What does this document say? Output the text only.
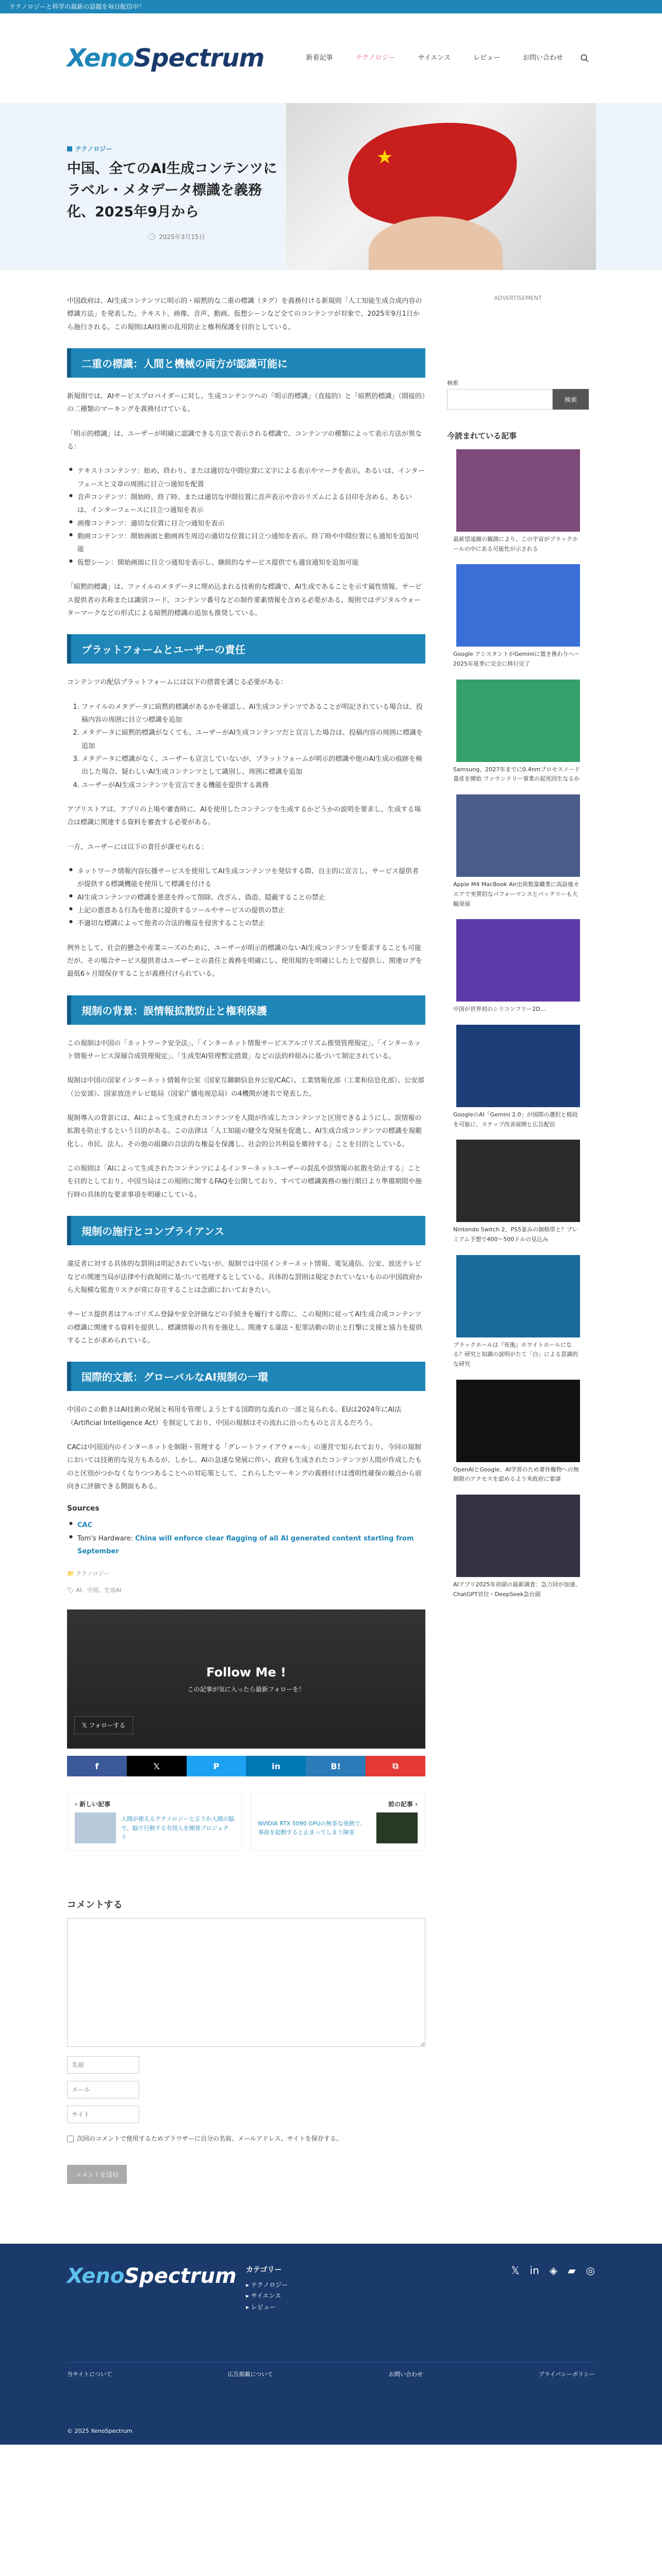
テクノロジーと科学の最新の話題を毎日配信中！
XenoSpectrum	新着記事	テクノロジー	サイエンス	レビュー	お問い合わせ
テクノロジー
中国、全てのAI生成コンテンツにラベル・メタデータ標識を義務化、2025年9月から
🕒 2025年3月15日
★

中国政府は、AI生成コンテンツに明示的・暗黙的な二重の標識（タグ）を義務付ける新規則「人工知能生成合成内容の標識方法」を発表した。テキスト、画像、音声、動画、仮想シーンなど全てのコンテンツが対象で、2025年9月1日から施行される。この規則はAI技術の乱用防止と権利保護を目的としている。

二重の標識：人間と機械の両方が認識可能に

新規則では、AIサービスプロバイダーに対し、生成コンテンツへの「明示的標識」（直接的）と「暗黙的標識」（間接的）の二種類のマーキングを義務付けている。

「明示的標識」は、ユーザーが明確に認識できる方法で表示される標識で、コンテンツの種類によって表示方法が異なる：

● テキストコンテンツ：始め、終わり、または適切な中間位置に文字による表示やマークを表示。あるいは、インターフェースと文章の周囲に目立つ通知を配置
● 音声コンテンツ：開始時、終了時、または適切な中間位置に音声表示や音のリズムによる目印を含める。あるいは、インターフェースに目立つ通知を表示
● 画像コンテンツ：適切な位置に目立つ通知を表示
● 動画コンテンツ：開始画面と動画再生周辺の適切な位置に目立つ通知を表示。終了時や中間位置にも通知を追加可能
● 仮想シーン：開始画面に目立つ通知を表示し、継続的なサービス提供でも適宜通知を追加可能

「暗黙的標識」は、ファイルのメタデータに埋め込まれる技術的な標識で、AI生成であることを示す属性情報、サービス提供者の名称または識別コード、コンテンツ番号などの制作要素情報を含める必要がある。規則ではデジタルウォーターマークなどの形式による暗黙的標識の追加も推奨している。

プラットフォームとユーザーの責任

コンテンツの配信プラットフォームには以下の措置を講じる必要がある：

1. ファイルのメタデータに暗黙的標識があるかを確認し、AI生成コンテンツであることが明記されている場合は、投稿内容の周囲に目立つ標識を追加
2. メタデータに暗黙的標識がなくても、ユーザーがAI生成コンテンツだと宣言した場合は、投稿内容の周囲に標識を追加
3. メタデータに標識がなく、ユーザーも宣言していないが、プラットフォームが明示的標識や他のAI生成の痕跡を検出した場合、疑わしいAI生成コンテンツとして識別し、周囲に標識を追加
4. ユーザーがAI生成コンテンツを宣言できる機能を提供する義務

アプリストアは、アプリの上場や審査時に、AIを使用したコンテンツを生成するかどうかの説明を要求し、生成する場合は標識に関連する資料を審査する必要がある。

一方、ユーザーには以下の責任が課せられる：

● ネットワーク情報内容伝播サービスを使用してAI生成コンテンツを発信する際、自主的に宣言し、サービス提供者が提供する標識機能を使用して標識を付ける
● AI生成コンテンツの標識を悪意を持って削除、改ざん、偽造、隠蔽することの禁止
● 上記の悪意ある行為を他者に提供するツールやサービスの提供の禁止
● 不適切な標識によって他者の合法的権益を侵害することの禁止

例外として、社会的懸念や産業ニーズのために、ユーザーが明示的標識のないAI生成コンテンツを要求することも可能だが、その場合サービス提供者はユーザーとの責任と義務を明確にし、使用規約を明確にした上で提供し、関連ログを最低6ヶ月間保存することが義務付けられている。

規制の背景：誤情報拡散防止と権利保護

この規制は中国の「ネットワーク安全法」、「インターネット情報サービスアルゴリズム推奨管理規定」、「インターネット情報サービス深層合成管理規定」、「生成型AI管理暫定措置」などの法的枠組みに基づいて制定されている。

規制は中国の国家インターネット情報弁公室（国家互聯網信息弁公室/CAC）、工業情報化部（工業和信息化部）、公安部（公安部）、国家放送テレビ総局（国家广播电视总局）の4機関が連名で発表した。

規制導入の背景には、AIによって生成されたコンテンツを人間が作成したコンテンツと区別できるようにし、誤情報の拡散を防止するという目的がある。この法律は「人工知能の健全な発展を促進し、AI生成合成コンテンツの標識を規範化し、市民、法人、その他の組織の合法的な権益を保護し、社会的公共利益を維持する」ことを目的としている。

この規則は「AIによって生成されたコンテンツによるインターネットユーザーの混乱や誤情報の拡散を防止する」ことを目的としており、中国当局はこの規則に関するFAQを公開しており、すべての標識義務の施行期日より準備期間や施行時の具体的な要求事項を明確にしている。

規制の施行とコンプライアンス

違反者に対する具体的な罰則は明記されていないが、規制では中国インターネット情報、電気通信、公安、放送テレビなどの関連当局が法律や行政規則に基づいて処理するとしている。具体的な罰則は規定されていないものの中国政府から大規模な監査リスクが常に存在することは念頭においておきたい。

サービス提供者はアルゴリズム登録や安全評価などの手続きを履行する際に、この規則に従ってAI生成合成コンテンツの標識に関連する資料を提供し、標識情報の共有を強化し、関連する違法・犯罪活動の防止と打撃に支援と協力を提供することが求められている。

国際的文脈：グローバルなAI規制の一環

中国のこの動きはAI技術の発展と利用を管理しようとする国際的な流れの一部と見られる。EUは2024年にAI法（Artificial Intelligence Act）を制定しており、中国の規制はその流れに沿ったものと言えるだろう。

CACは中国国内のインターネットを制限・管理する「グレートファイアウォール」の運営で知られており、今回の規制においては技術的な見方もあるが、しかし、AIの急速な発展に伴い、政府も生成されたコンテンツが人間が作成したものと区別がつかなくなりつつあることへの対応策として、これらしたマーキングの義務付けは透明性確保の観点から前向きに評価できる側面もある。

Sources
● CAC
● Tom's Hardware: China will enforce clear flagging of all AI generated content starting from September
📁 テクノロジー
🏷 AI、中国、生成AI
Follow Me !
この記事が気に入ったら最新フォローを！
𝕏 フォローする
f	𝕏	P	in	B!	⧉
‹ 新しい記事
人間が使えるテクノロジーと言うか人間の脳で、脳で行動する有用人を開発プロジェクト
前の記事 ›
NVIDIA RTX 5090 GPUの無茶な発熱で、事故を起動すると止まってしまう障害
コメントする
名前
メール
サイト
次回のコメントで使用するためブラウザーに自分の名前、メールアドレス、サイトを保存する。
コメントを送信
ADVERTISEMENT
検索
検索
今読まれている記事
最新望遠鏡の観測により、この宇宙がブラックホールの中にある可能性が示される
Google アシスタントがGeminiに置き換わりへ〜2025年夏季に完全に移行完了
Samsung、2027年までに0.4nmプロセスノード量産を開始 ファウンドリー事業の起死回生なるか
Apple M4 MacBook Air出荷数量職業に高設後カエアで実質的なパフォーマンスとバッテリーも大幅発展
中国が世界初のシリコンフリー2D…
GoogleのAI「Gemini 2.0」が国際の選択と格段を可能に、ステップ改善展開と広告配信
Nintendo Switch 2、PS5並みの価格帯と？プレミアム予想で400〜500ドルの見込み
ブラックホールは『死後』ホワイトホールになる？研究と知識の説明がたて「白」による意識的な研究
OpenAIとGoogle、AI学習のため著作権物への無制限のアクセスを認めるよう米政府に要請
AIアプリ2025年初頭の最新調査：急力回が加速、ChatGPT首位・DeepSeek急台頭
XenoSpectrum	カテゴリー
▸ テクノロジー
▸ サイエンス
▸ レビュー
𝕏 in ◈ ▰ ◎
当サイトについて	広告掲載について	お問い合わせ	プライバシーポリシー
© 2025 XenoSpectrum
